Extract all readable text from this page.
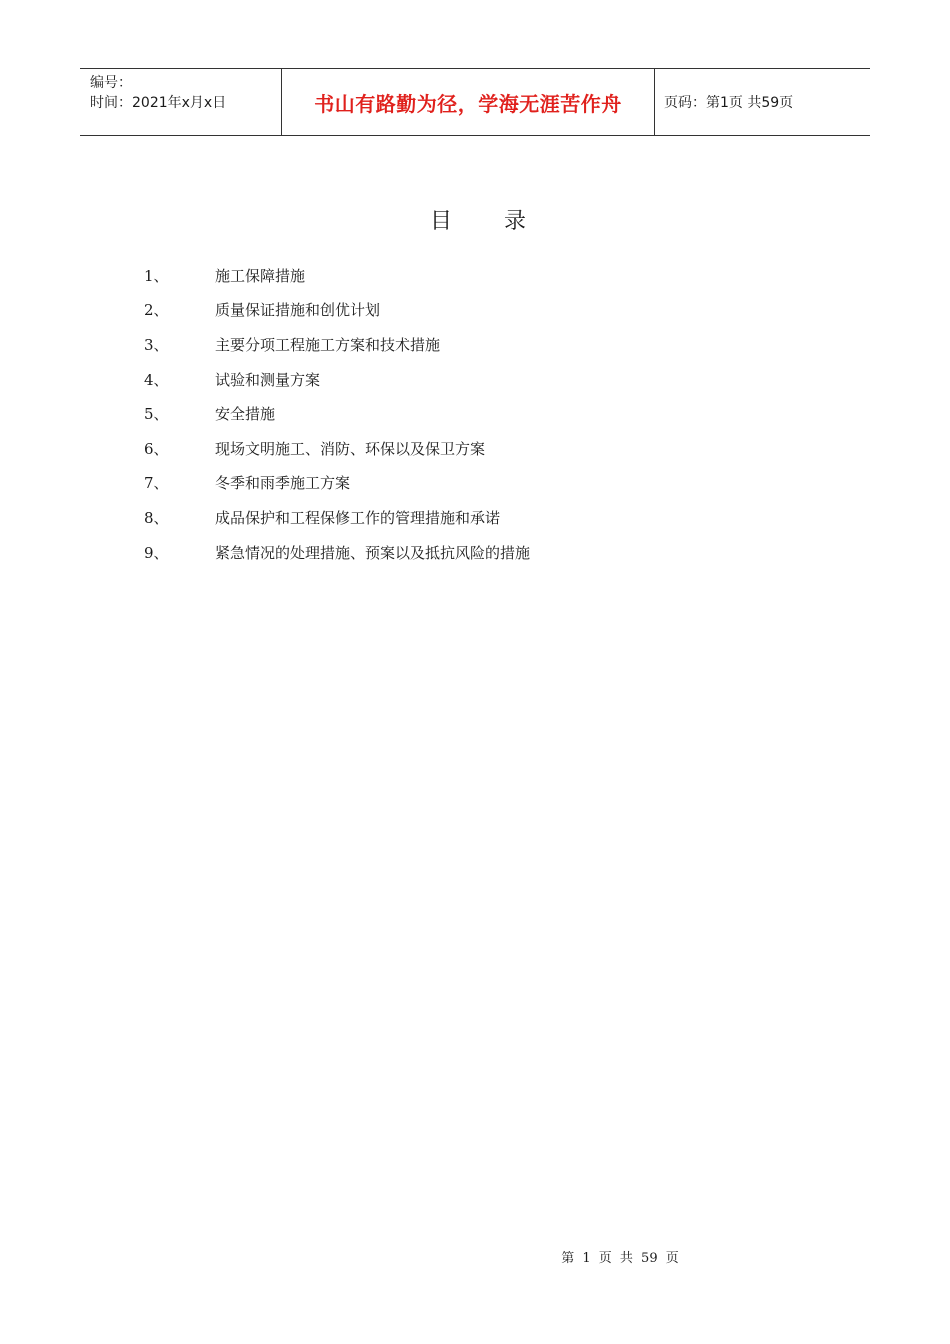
编号：
时间：2021年x月x日	书山有路勤为径，学海无涯苦作舟	页码：第1页 共59页
目录
1、	施工保障措施
2、	质量保证措施和创优计划
3、	主要分项工程施工方案和技术措施
4、	试验和测量方案
5、	安全措施
6、	现场文明施工、消防、环保以及保卫方案
7、	冬季和雨季施工方案
8、	成品保护和工程保修工作的管理措施和承诺
9、	紧急情况的处理措施、预案以及抵抗风险的措施
第 1 页 共 59 页
